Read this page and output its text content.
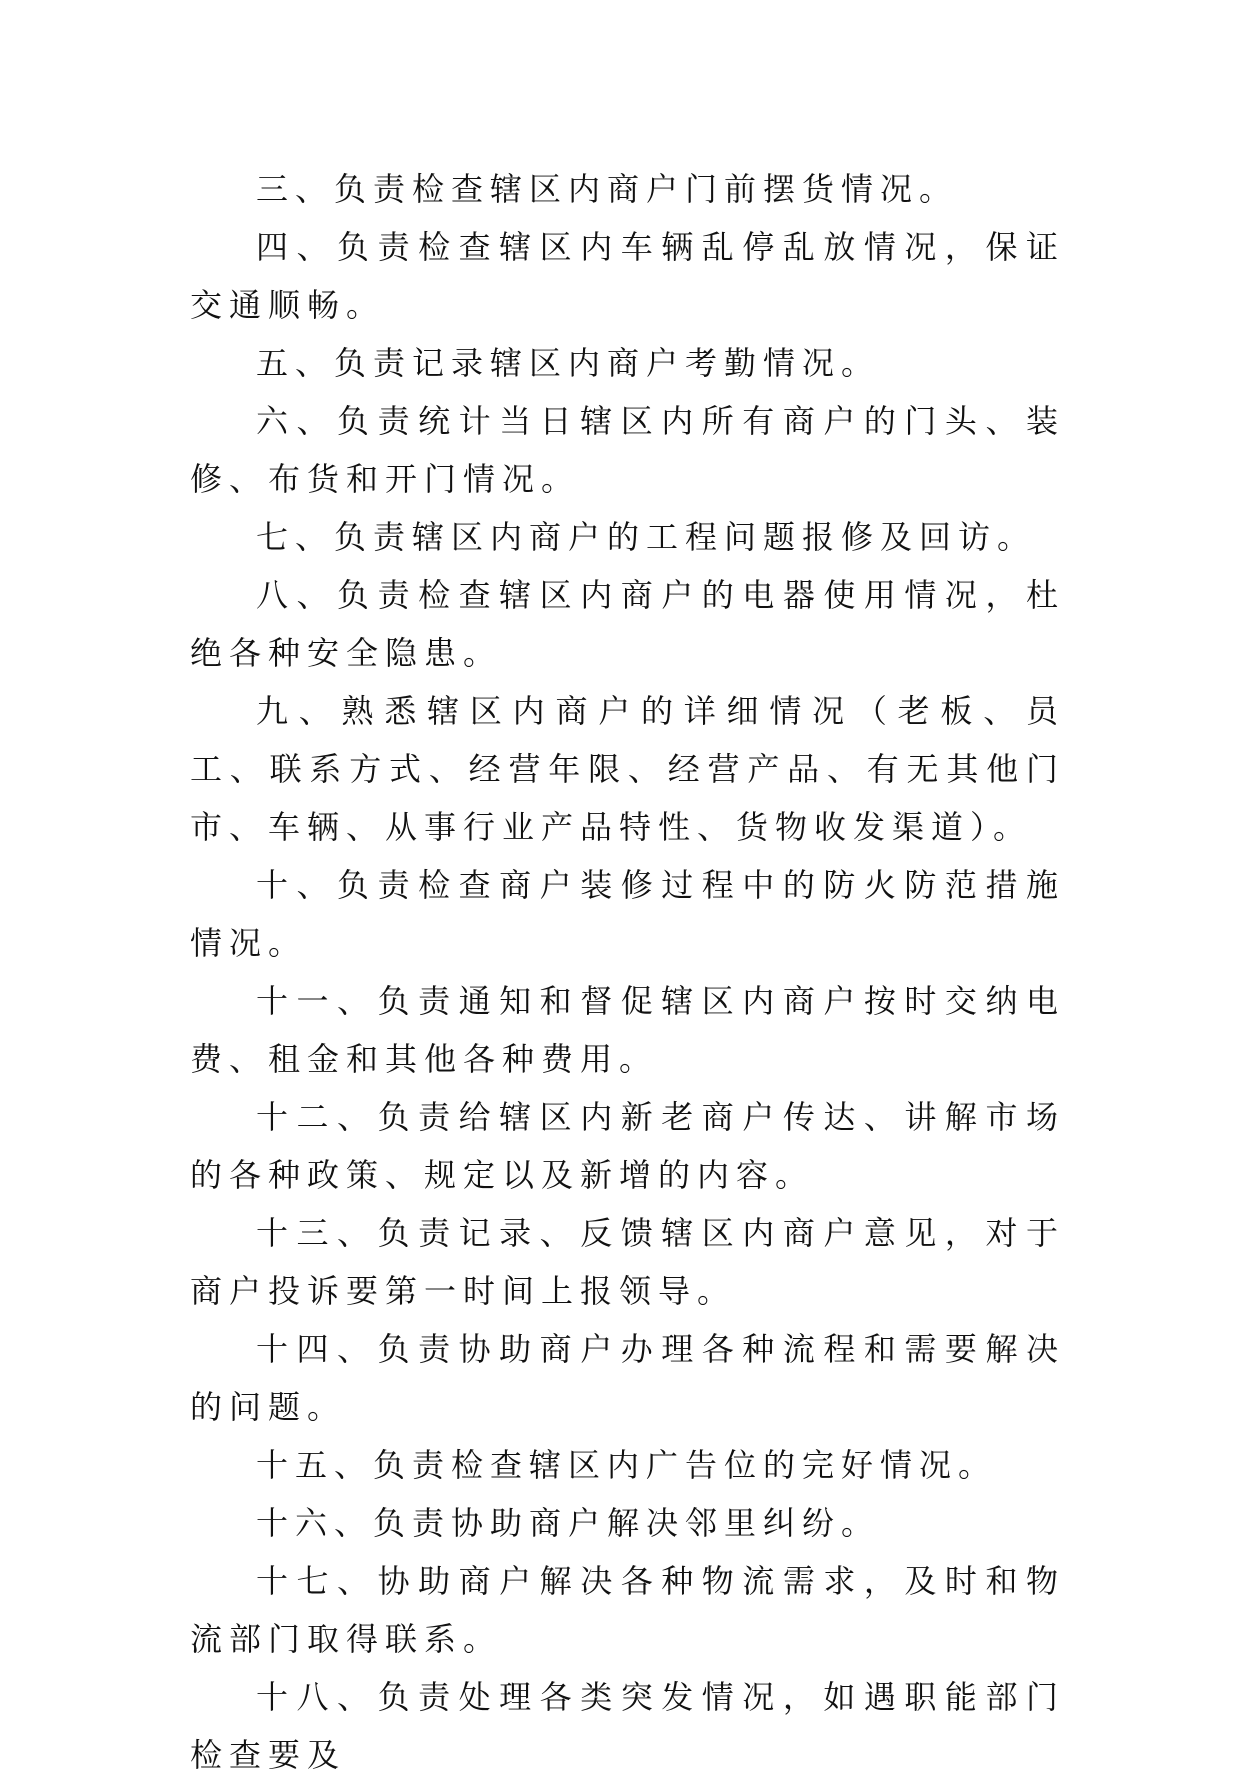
三、负责检查辖区内商户门前摆货情况。

四、负责检查辖区内车辆乱停乱放情况，保证交通顺畅。

五、负责记录辖区内商户考勤情况。

六、负责统计当日辖区内所有商户的门头、装修、布货和开门情况。

七、负责辖区内商户的工程问题报修及回访。

八、负责检查辖区内商户的电器使用情况，杜绝各种安全隐患。

九、熟悉辖区内商户的详细情况（老板、员工、联系方式、经营年限、经营产品、有无其他门市、车辆、从事行业产品特性、货物收发渠道）。

十、负责检查商户装修过程中的防火防范措施情况。

十一、负责通知和督促辖区内商户按时交纳电费、租金和其他各种费用。

十二、负责给辖区内新老商户传达、讲解市场的各种政策、规定以及新增的内容。

十三、负责记录、反馈辖区内商户意见，对于商户投诉要第一时间上报领导。

十四、负责协助商户办理各种流程和需要解决的问题。

十五、负责检查辖区内广告位的完好情况。

十六、负责协助商户解决邻里纠纷。

十七、协助商户解决各种物流需求，及时和物流部门取得联系。

十八、负责处理各类突发情况，如遇职能部门检查要及
